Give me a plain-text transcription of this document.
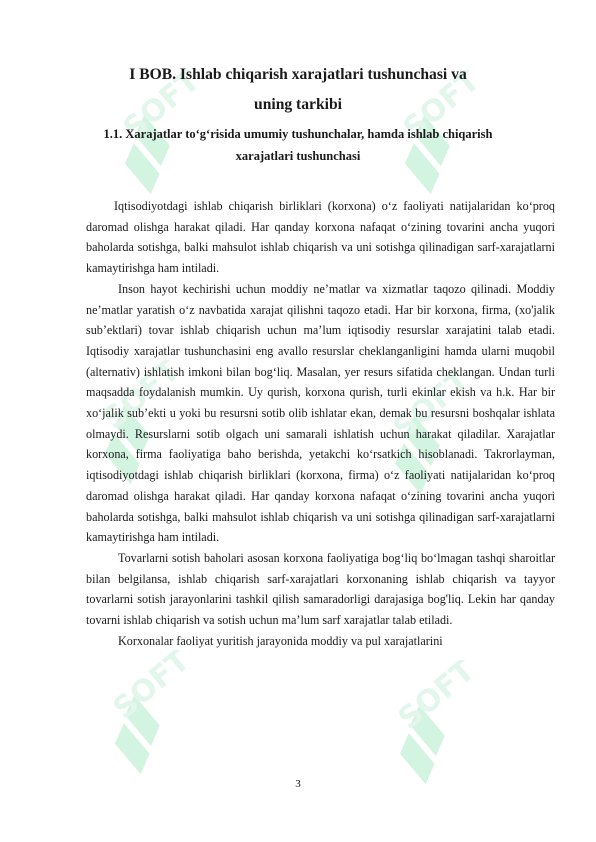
SOFT	SOFT
SOFT	SOFT
SOFT	SOFT
I BOB. Ishlab chiqarish xarajatlari tushunchasi va
uning tarkibi
1.1. Xarajatlar to‘g‘risida umumiy tushunchalar, hamda ishlab chiqarish
xarajatlari tushunchasi

Iqtisodiyotdagi ishlab chiqarish birliklari (korxona) o‘z faoliyati natijalaridan ko‘proq daromad olishga harakat qiladi. Har qanday korxona nafaqat o‘zining tovarini ancha yuqori baholarda sotishga, balki mahsulot ishlab chiqarish va uni sotishga qilinadigan sarf-xarajatlarni kamaytirishga ham intiladi.

Inson hayot kechirishi uchun moddiy ne’matlar va xizmatlar taqozo qilinadi. Moddiy ne’matlar yaratish o‘z navbatida xarajat qilishni taqozo etadi. Har bir korxona, firma, (xo'jalik sub’ektlari) tovar ishlab chiqarish uchun ma’lum iqtisodiy resurslar xarajatini talab etadi. Iqtisodiy xarajatlar tushunchasini eng avallo resurslar cheklanganligini hamda ularni muqobil (alternativ) ishlatish imkoni bilan bog‘liq. Masalan, yer resurs sifatida cheklangan. Undan turli maqsadda foydalanish mumkin. Uy qurish, korxona qurish, turli ekinlar ekish va h.k. Har bir xo‘jalik sub’ekti u yoki bu resursni sotib olib ishlatar ekan, demak bu resursni boshqalar ishlata olmaydi. Resurslarni sotib olgach uni samarali ishlatish uchun harakat qiladilar. Xarajatlar korxona, firma faoliyatiga baho berishda, yetakchi ko‘rsatkich hisoblanadi. Takrorlayman, iqtisodiyotdagi ishlab chiqarish birliklari (korxona, firma) o‘z faoliyati natijalaridan ko‘proq daromad olishga harakat qiladi. Har qanday korxona nafaqat o‘zining tovarini ancha yuqori baholarda sotishga, balki mahsulot ishlab chiqarish va uni sotishga qilinadigan sarf-xarajatlarni kamaytirishga ham intiladi.

Tovarlarni sotish baholari asosan korxona faoliyatiga bog‘liq bo‘lmagan tashqi sharoitlar bilan belgilansa, ishlab chiqarish sarf-xarajatlari korxonaning ishlab chiqarish va tayyor tovarlarni sotish jarayonlarini tashkil qilish samaradorligi darajasiga bog'liq. Lekin har qanday tovarni ishlab chiqarish va sotish uchun ma’lum sarf xarajatlar talab etiladi.

Korxonalar faoliyat yuritish jarayonida moddiy va pul xarajatlarini

3
